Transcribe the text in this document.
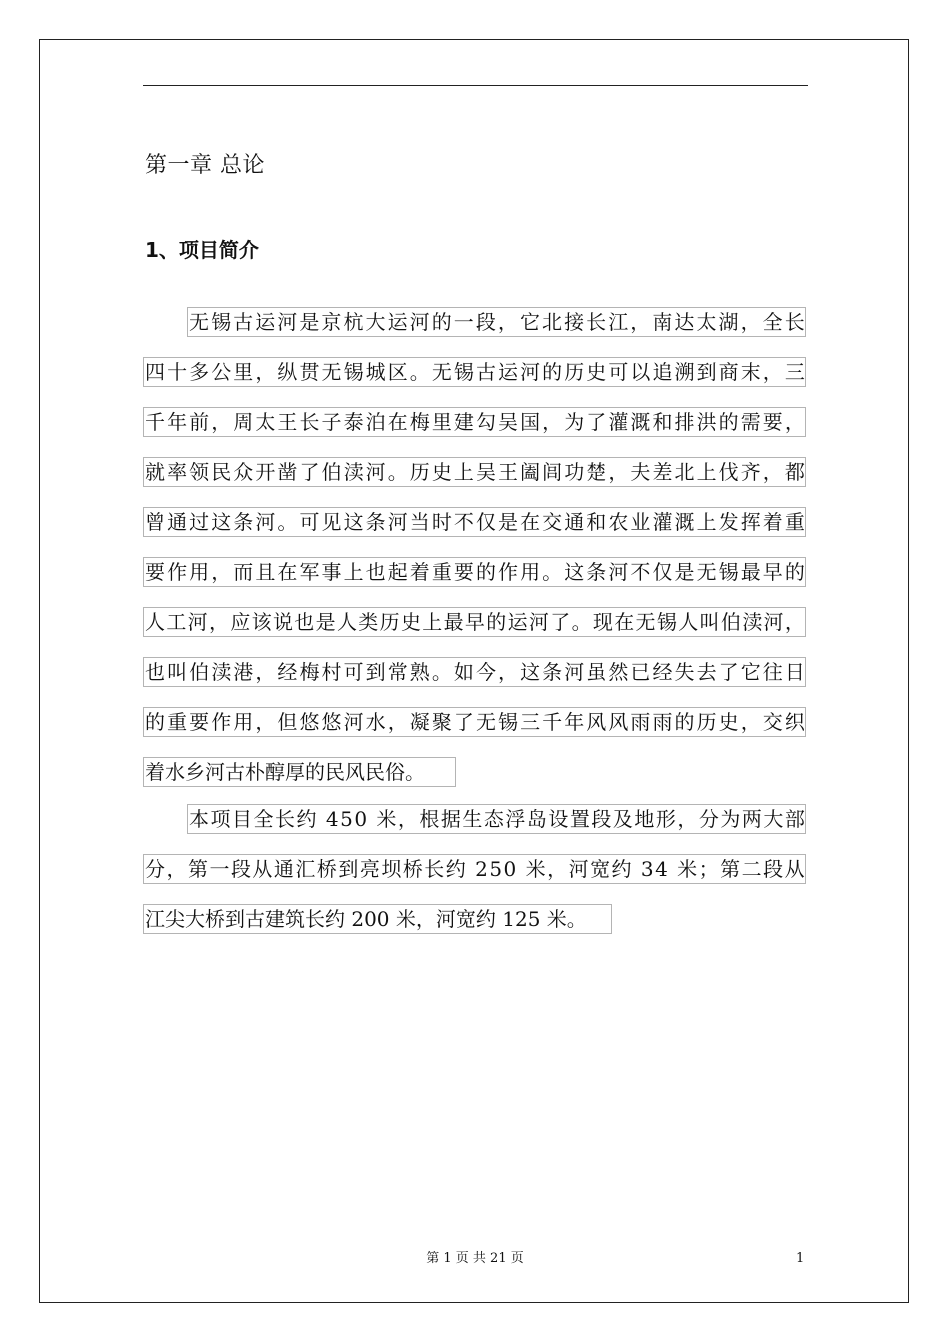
第一章 总论
1、项目简介
无 锡 古 运 河 是 京 杭 大 运 河 的 一 段 ， 它 北 接 长 江 ， 南 达 太 湖 ， 全 长
四 十 多 公 里 ， 纵 贯 无 锡 城 区 。 无 锡 古 运 河 的 历 史 可 以 追 溯 到 商 末 ， 三
千 年 前 ， 周 太 王 长 子 泰 泊 在 梅 里 建 勾 吴 国 ， 为 了 灌 溉 和 排 洪 的 需 要 ，
就 率 领 民 众 开 凿 了 伯 渎 河 。 历 史 上 吴 王 阖 闾 功 楚 ， 夫 差 北 上 伐 齐 ， 都
曾 通 过 这 条 河 。 可 见 这 条 河 当 时 不 仅 是 在 交 通 和 农 业 灌 溉 上 发 挥 着 重
要 作 用 ， 而 且 在 军 事 上 也 起 着 重 要 的 作 用 。 这 条 河 不 仅 是 无 锡 最 早 的
人 工 河 ， 应 该 说 也 是 人 类 历 史 上 最 早 的 运 河 了 。 现 在 无 锡 人 叫 伯 渎 河 ，
也 叫 伯 渎 港 ， 经 梅 村 可 到 常 熟 。 如 今 ， 这 条 河 虽 然 已 经 失 去 了 它 往 日
的 重 要 作 用 ， 但 悠 悠 河 水 ， 凝 聚 了 无 锡 三 千 年 风 风 雨 雨 的 历 史 ， 交 织
着水乡河古朴醇厚的民风民俗。
本 项 目 全 长 约
4 5 0
米 ， 根 据 生 态 浮 岛 设 置 段 及 地 形 ， 分 为 两 大 部
分 ， 第 一 段 从 通 汇 桥 到 亮 坝 桥 长 约
2 5 0
米 ， 河 宽 约
3 4
米 ； 第 二 段 从
江尖大桥到古建筑长约 200 米，河宽约 125 米。
第 1 页 共 21 页	1
